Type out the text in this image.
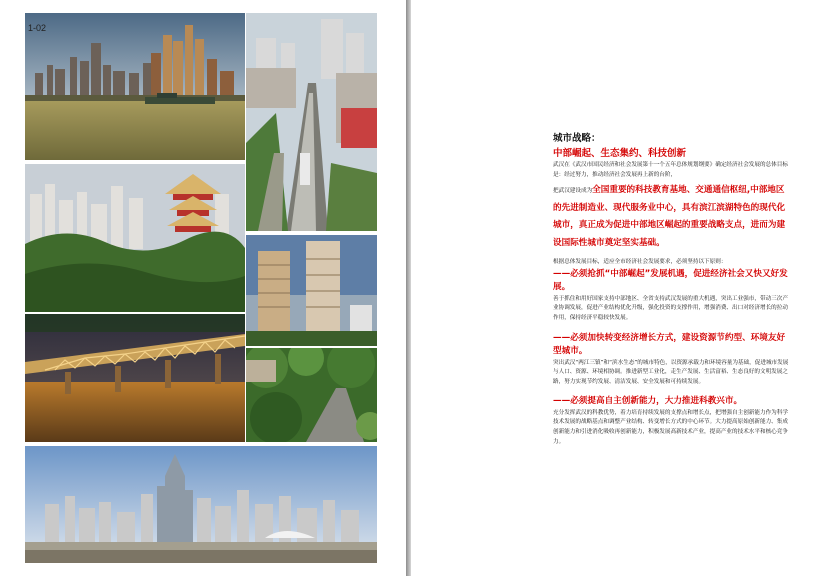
1-02
城市战略：
中部崛起、生态集约、科技创新
武汉在《武汉市国民经济和社会发展第十一个五年总体规划纲要》确定经济社会发展的总体目标是：经过努力，推动经济社会发展再上新的台阶，
把武汉建设成为全国重要的科技教育基地、交通通信枢纽,中部地区的先进制造业、现代服务业中心，具有滨江滨湖特色的现代化城市，真正成为促进中部地区崛起的重要战略支点，进而为建设国际性城市奠定坚实基础。
根据总体发展目标，适应全市经济社会发展要求，必须坚持以下原则：
——必须抢抓“中部崛起”发展机遇，促进经济社会又快又好发展。
善于抓住和用好国家支持中部地区、全省支持武汉发展的重大机遇，突出工业强市，带动三次产业协调发展，促进产业结构优化升级，强化投资的支撑作用，增强消费、出口对经济增长的拉动作用，保持经济平稳较快发展。
——必须加快转变经济增长方式，建设资源节约型、环境友好型城市。
突出武汉“两江三镇”和“滨水生态”的城市特色，以资源承载力和环境容量为基础，促进城市发展与人口、资源、环境相协调。推进新型工业化，走生产发展、生活富裕、生态良好的文明发展之路，努力实现节约发展、清洁发展、安全发展和可持续发展。
——必须提高自主创新能力，大力推进科教兴市。
充分发挥武汉的科教优势，着力培育持续发展的支撑点和增长点，把增强自主创新能力作为科学技术发展的战略基点和调整产业结构、转变增长方式的中心环节。大力提高原始创新能力、集成创新能力和引进消化吸收再创新能力，积极发展高新技术产业，提高产业的技术水平和核心竞争力。
